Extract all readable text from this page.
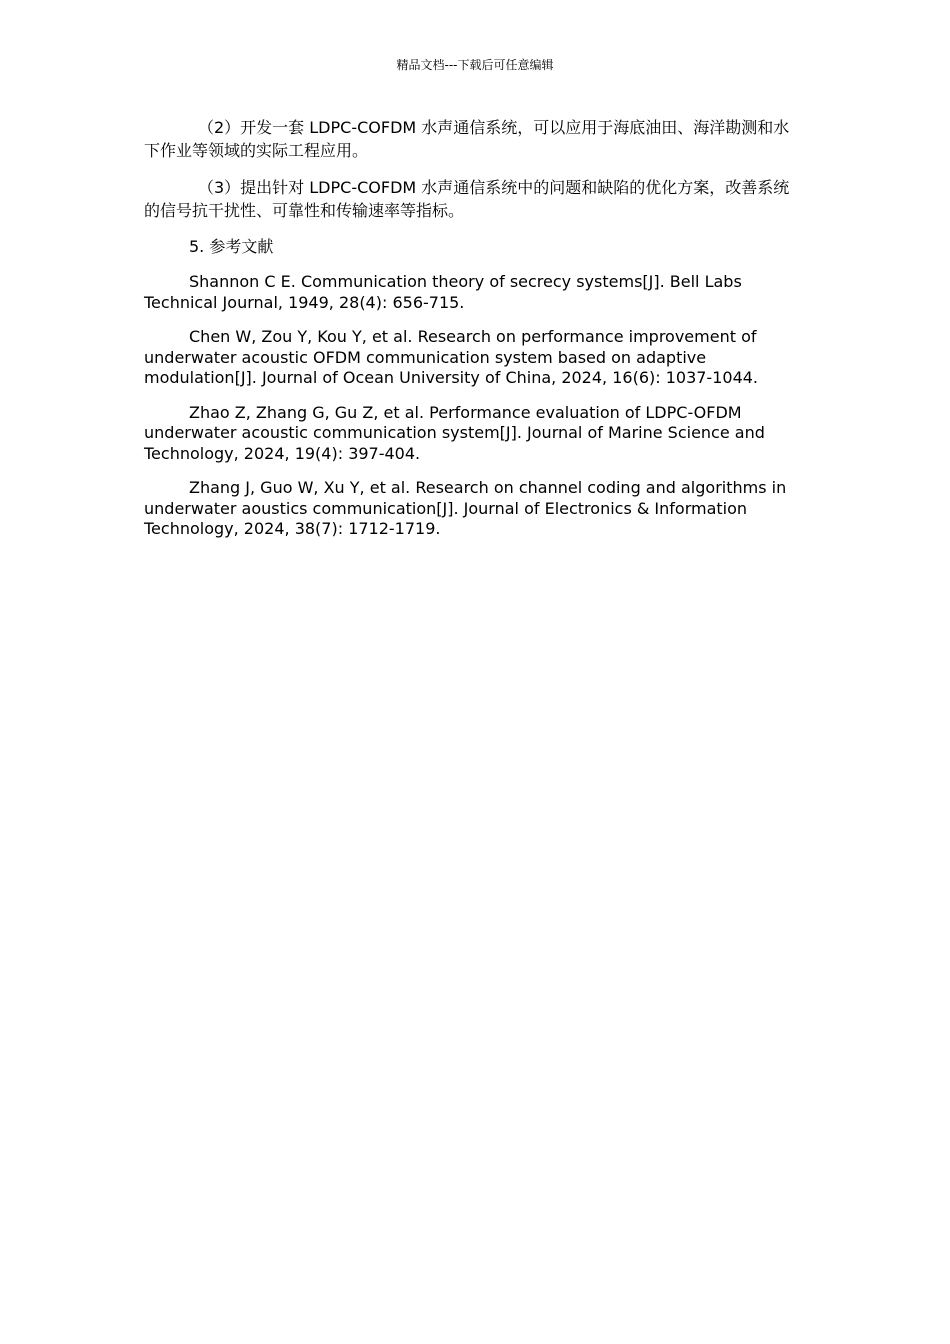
精品文档---下载后可任意编辑

（2）开发一套 LDPC-COFDM 水声通信系统，可以应用于海底油田、海洋勘测和水下作业等领域的实际工程应用。

（3）提出针对 LDPC-COFDM 水声通信系统中的问题和缺陷的优化方案，改善系统的信号抗干扰性、可靠性和传输速率等指标。

5. 参考文献

Shannon C E. Communication theory of secrecy systems[J]. Bell Labs Technical Journal, 1949, 28(4): 656-715.

Chen W, Zou Y, Kou Y, et al. Research on performance improvement of underwater acoustic OFDM communication system based on adaptive modulation[J]. Journal of Ocean University of China, 2024, 16(6): 1037-1044.

Zhao Z, Zhang G, Gu Z, et al. Performance evaluation of LDPC-OFDM underwater acoustic communication system[J]. Journal of Marine Science and Technology, 2024, 19(4): 397-404.

Zhang J, Guo W, Xu Y, et al. Research on channel coding and algorithms in underwater aoustics communication[J]. Journal of Electronics & Information Technology, 2024, 38(7): 1712-1719.
